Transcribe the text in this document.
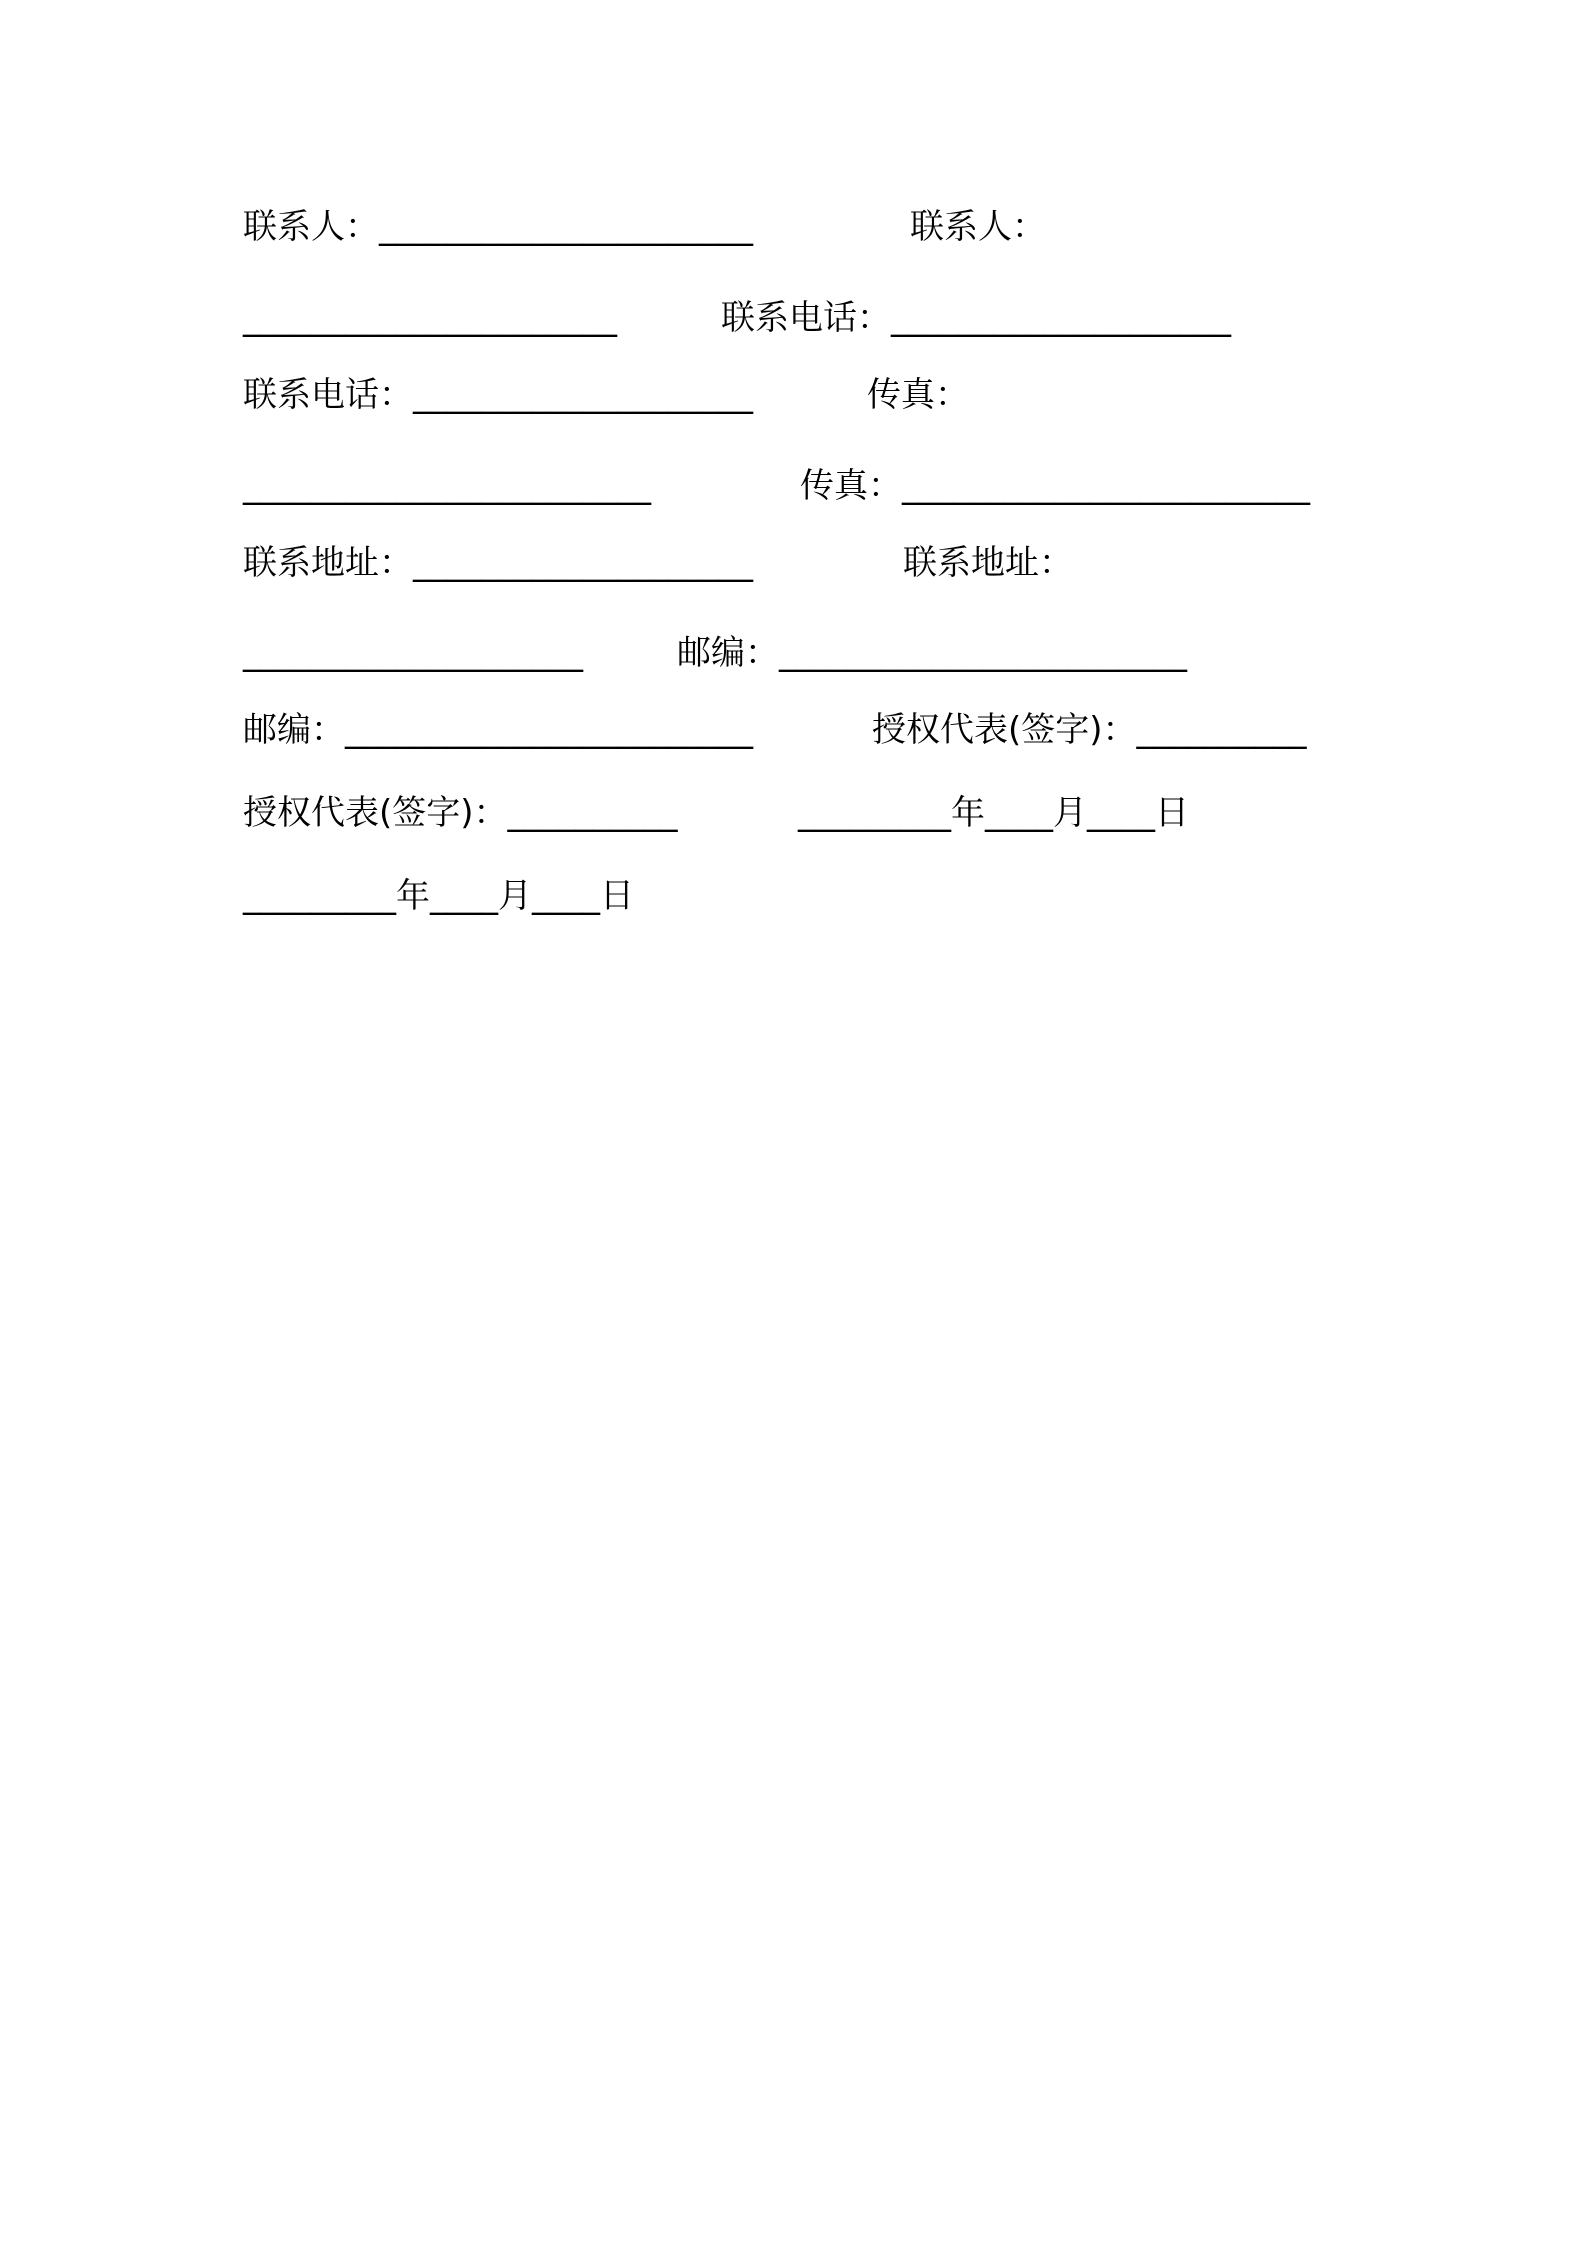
联系人：______________________

	联系人：

______________________

	联系电话：____________________

联系电话：____________________

	传真：

________________________

	传真：________________________

联系地址：____________________

	联系地址：

____________________

	邮编：________________________

邮编：________________________

	授权代表(签字)：__________

授权代表(签字)：__________

	_________年____月____日

_________年____月____日
